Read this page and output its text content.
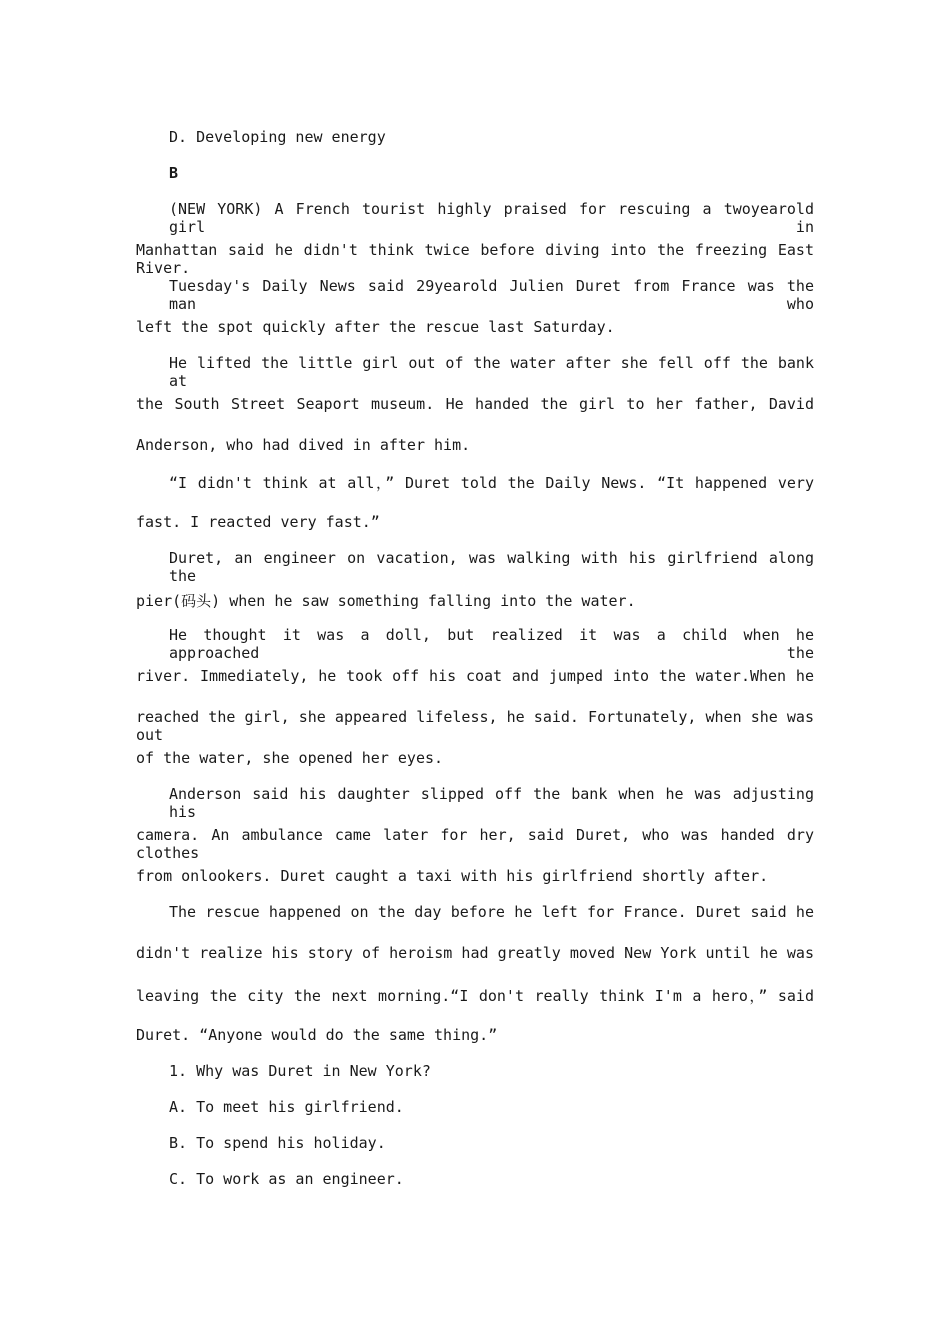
D. Developing new energy
B
(NEW YORK) A French tourist highly praised for rescuing a twoyearold girl in
Manhattan said he didn't think twice before diving into the freezing East River.
Tuesday's Daily News said 29yearold Julien Duret from France was the man who
left the spot quickly after the rescue last Saturday.
He lifted the little girl out of the water after she fell off the bank at
the South Street Seaport museum. He handed the girl to her father, David
Anderson, who had dived in after him.
“I didn't think at all，” Duret told the Daily News. “It happened very
fast. I reacted very fast.”
Duret, an engineer on vacation, was walking with his girlfriend along the
pier(码头) when he saw something falling into the water.
He thought it was a doll, but realized it was a child when he approached the
river. Immediately, he took off his coat and jumped into the water.When he
reached the girl, she appeared lifeless, he said. Fortunately, when she was out
of the water, she opened her eyes.
Anderson said his daughter slipped off the bank when he was adjusting his
camera. An ambulance came later for her, said Duret, who was handed dry clothes
from onlookers. Duret caught a taxi with his girlfriend shortly after.
The rescue happened on the day before he left for France. Duret said he
didn't realize his story of heroism had greatly moved New York until he was
leaving the city the next morning.“I don't really think I'm a hero，” said
Duret. “Anyone would do the same thing.”
1. Why was Duret in New York?
A. To meet his girlfriend.
B. To spend his holiday.
C. To work as an engineer.
